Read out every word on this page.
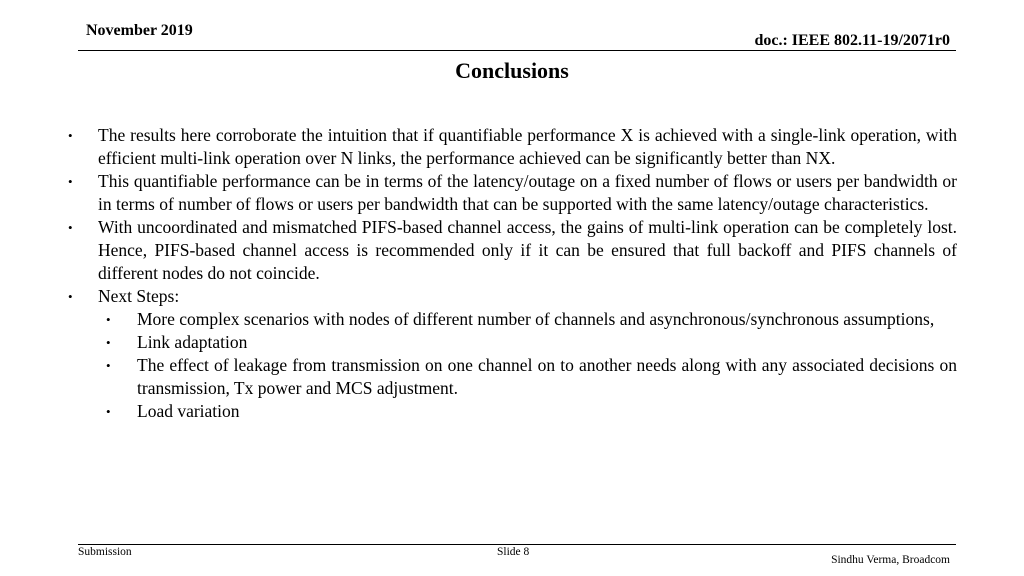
November 2019
doc.: IEEE 802.11-19/2071r0
Conclusions
•	The results here corroborate the intuition that if quantifiable performance X is achieved with a single-link operation, with efficient multi-link operation over N links, the performance achieved can be significantly better than NX.
•	This quantifiable performance can be in terms of the latency/outage on a fixed number of flows or users per bandwidth or in terms of number of flows or users per bandwidth that can be supported with the same latency/outage characteristics.
•	With uncoordinated and mismatched PIFS-based channel access, the gains of multi-link operation can be completely lost. Hence, PIFS-based channel access is recommended only if it can be ensured that full backoff and PIFS channels of different nodes do not coincide.
•	Next Steps:
•	More complex scenarios with nodes of different number of channels and asynchronous/synchronous assumptions,
•	Link adaptation
•	The effect of leakage from transmission on one channel on to another needs along with any associated decisions on transmission, Tx power and MCS adjustment.
•	Load variation
Submission	Slide 8
Sindhu Verma, Broadcom
